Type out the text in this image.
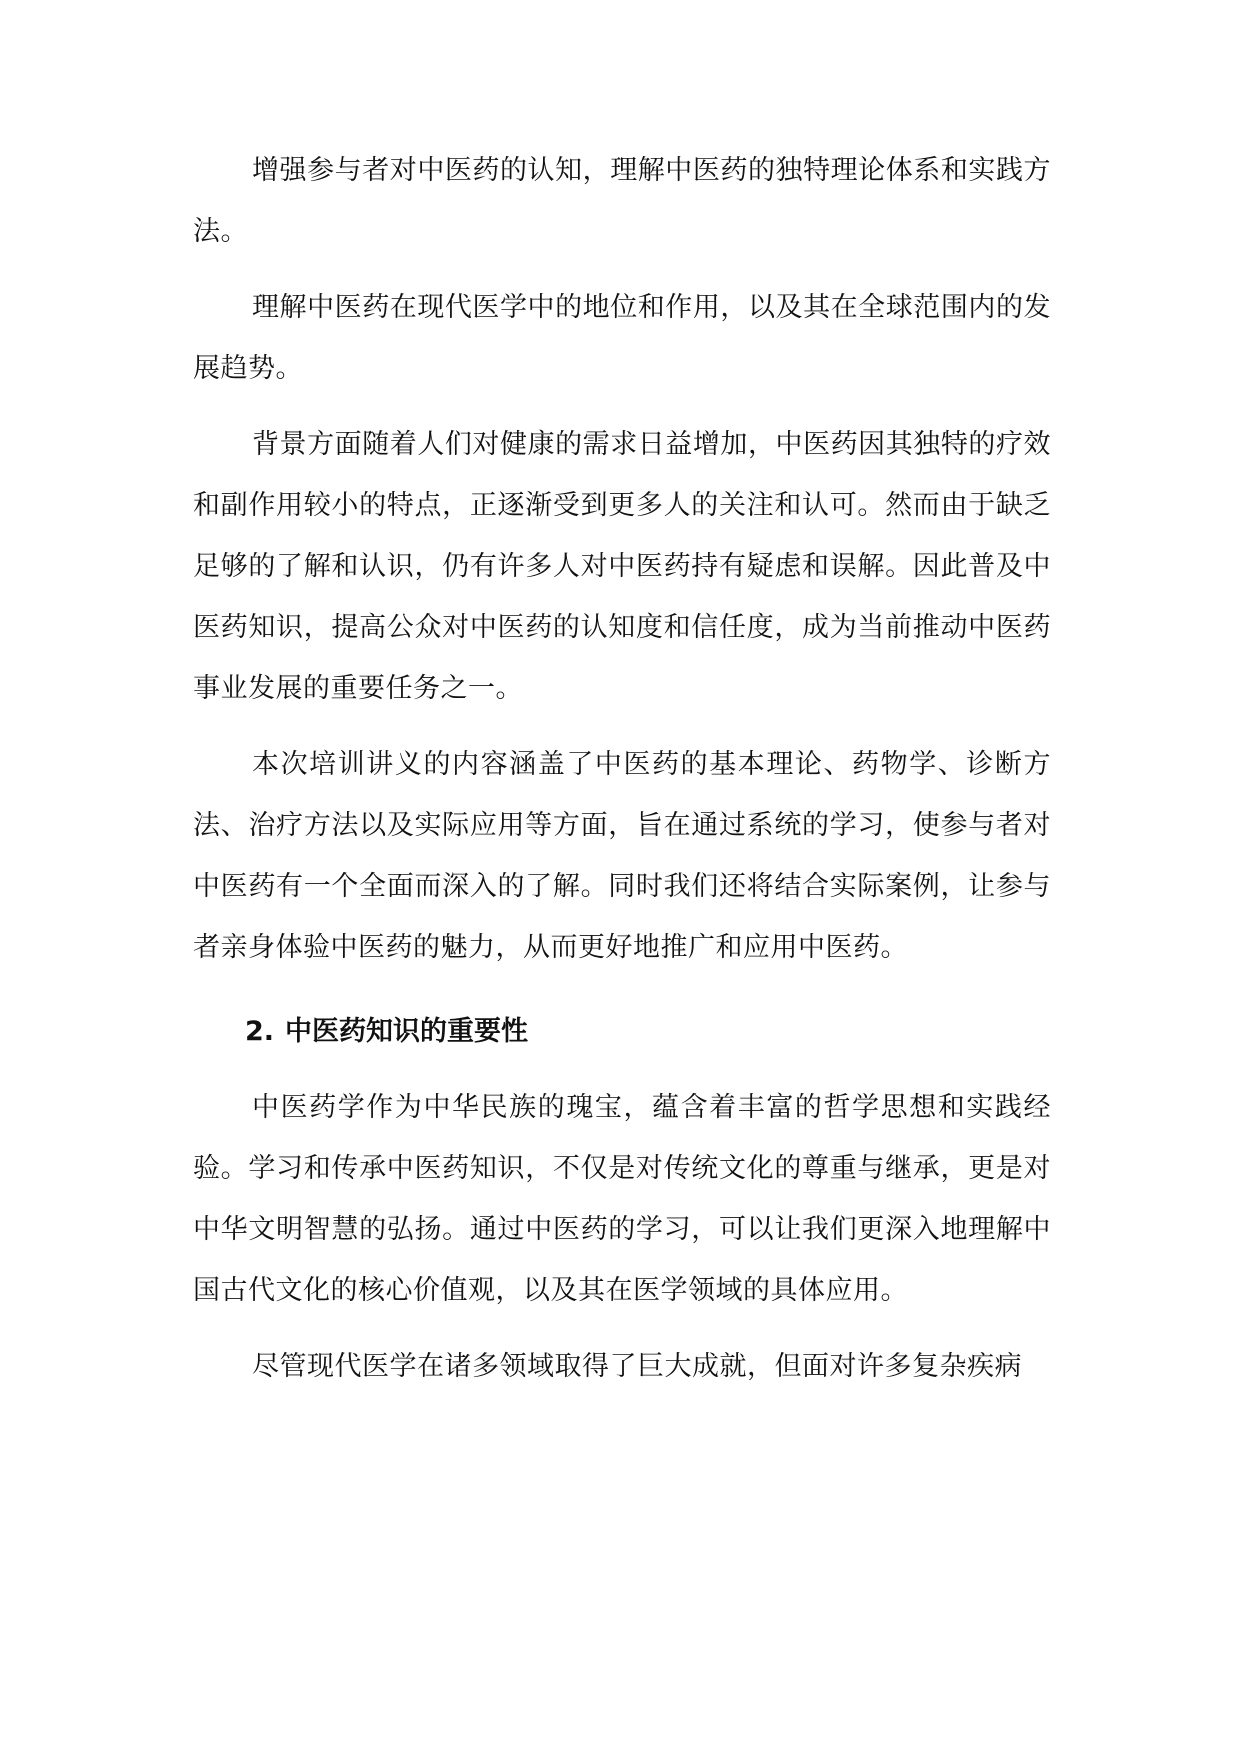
增强参与者对中医药的认知，理解中医药的独特理论体系和实践方法。

理解中医药在现代医学中的地位和作用，以及其在全球范围内的发展趋势。

背景方面随着人们对健康的需求日益增加，中医药因其独特的疗效和副作用较小的特点，正逐渐受到更多人的关注和认可。然而由于缺乏足够的了解和认识，仍有许多人对中医药持有疑虑和误解。因此普及中医药知识，提高公众对中医药的认知度和信任度，成为当前推动中医药事业发展的重要任务之一。

本次培训讲义的内容涵盖了中医药的基本理论、药物学、诊断方法、治疗方法以及实际应用等方面，旨在通过系统的学习，使参与者对中医药有一个全面而深入的了解。同时我们还将结合实际案例，让参与者亲身体验中医药的魅力，从而更好地推广和应用中医药。

2. 中医药知识的重要性

中医药学作为中华民族的瑰宝，蕴含着丰富的哲学思想和实践经验。学习和传承中医药知识，不仅是对传统文化的尊重与继承，更是对中华文明智慧的弘扬。通过中医药的学习，可以让我们更深入地理解中国古代文化的核心价值观，以及其在医学领域的具体应用。

尽管现代医学在诸多领域取得了巨大成就，但面对许多复杂疾病
